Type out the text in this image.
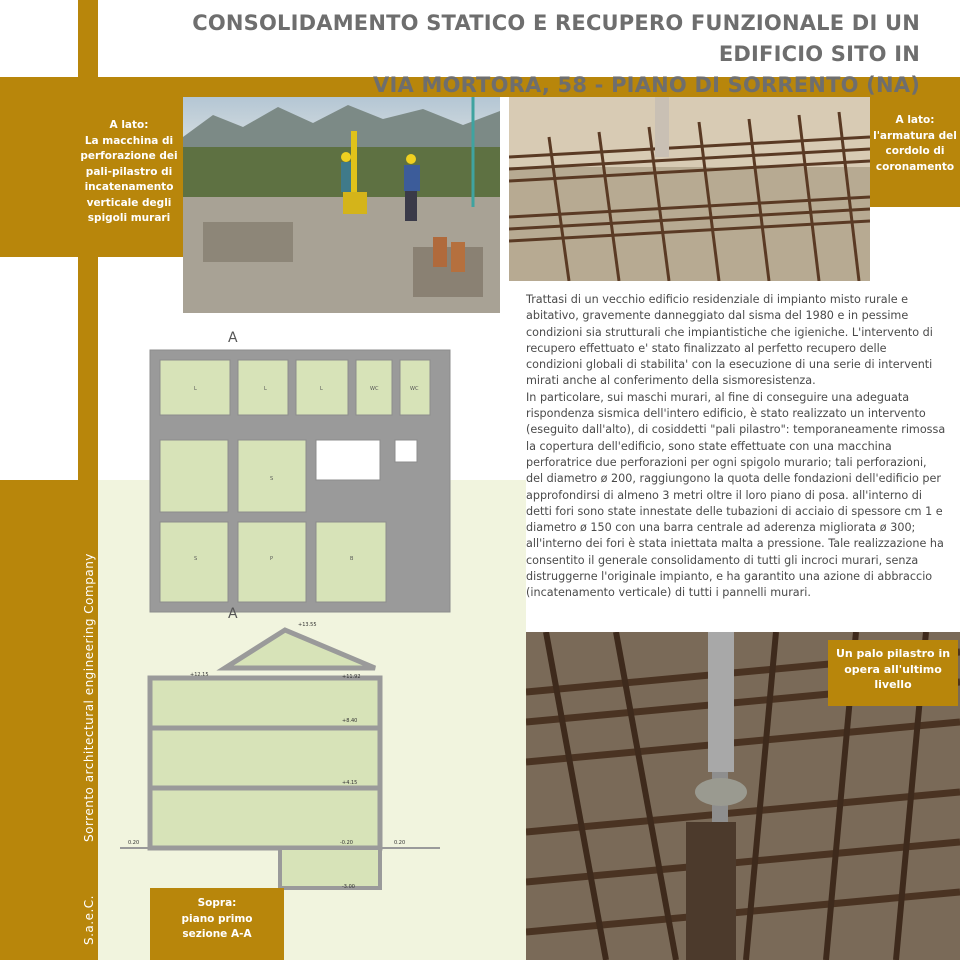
Sorrento architectural engineering Company
S.a.e.C.
CONSOLIDAMENTO STATICO E RECUPERO FUNZIONALE DI UN EDIFICIO SITO IN
VIA MORTORA, 58 - PIANO DI SORRENTO (NA)
A lato:
La macchina di perforazione dei pali-pilastro di incatenamento verticale degli spigoli murari
A lato:
l'armatura del cordolo di coronamento
Trattasi di un vecchio edificio residenziale di impianto misto rurale e abitativo, gravemente danneggiato dal sisma del 1980 e in pessime condizioni sia strutturali che impiantistiche che igieniche. L'intervento di recupero effettuato e' stato finalizzato al perfetto recupero delle condizioni globali di stabilita' con la esecuzione di una serie di interventi mirati anche al conferimento della sismoresistenza.
In particolare, sui maschi murari, al fine di conseguire una adeguata rispondenza sismica dell'intero edificio, è stato realizzato un intervento (eseguito dall'alto), di cosiddetti "pali pilastro": temporaneamente rimossa la copertura dell'edificio, sono state effettuate con una macchina perforatrice due perforazioni per ogni spigolo murario; tali perforazioni, del diametro ø 200, raggiungono la quota delle fondazioni dell'edificio per approfondirsi di almeno 3 metri oltre il loro piano di posa. all'interno di detti fori sono state innestate delle tubazioni di acciaio di spessore cm 1 e diametro ø 150 con una barra centrale ad aderenza migliorata ø 300; all'interno dei fori è stata iniettata malta a pressione. Tale realizzazione ha consentito il generale consolidamento di tutti gli incroci murari, senza distruggerne l'originale impianto, e ha garantito una azione di abbraccio (incatenamento verticale) di tutti i pannelli murari.
A
A
L	L	L	WC	WC
S
S	P	B
+13.55
+11.92
+12.15
+8.40
+4.15
0.20	-0.20	0.20
-3.00
Sopra:
piano primo
sezione A-A
Un palo pilastro in opera all'ultimo livello
